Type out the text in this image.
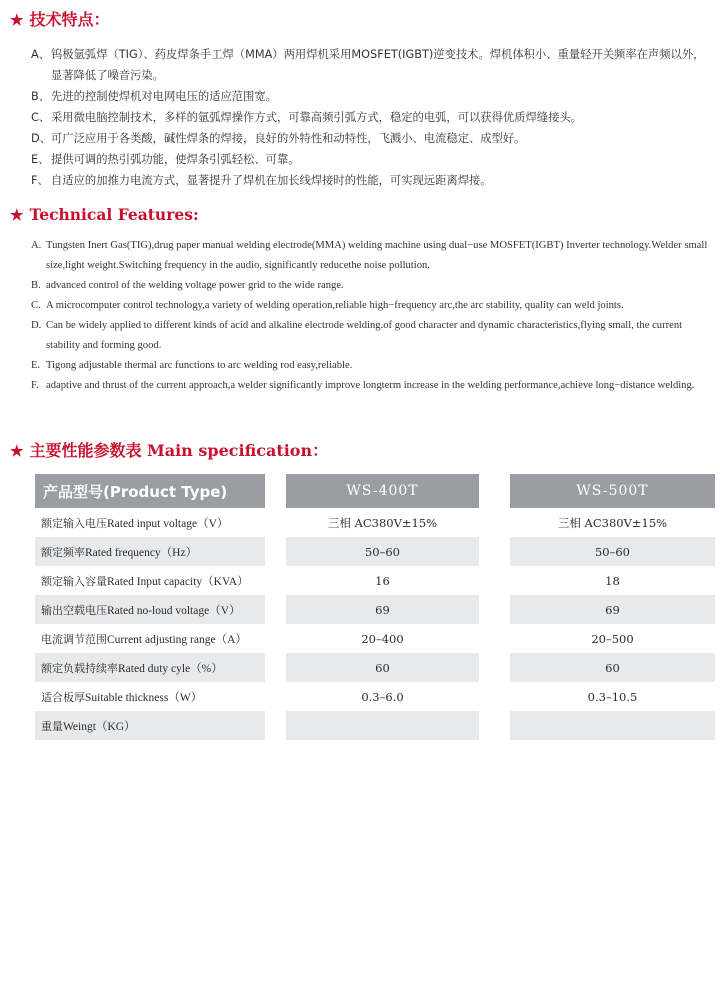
★ 技术特点：
A、 钨极氩弧焊（TIG）、药皮焊条手工焊（MMA）两用焊机采用MOSFET(IGBT)逆变技术。焊机体积小、重量轻开关频率在声频以外，显著降低了噪音污染。
B、 先进的控制使焊机对电网电压的适应范围宽。
C、 采用微电脑控制技术，多样的氩弧焊操作方式，可靠高频引弧方式，稳定的电弧，可以获得优质焊缝接头。
D、 可广泛应用于各类酸，碱性焊条的焊接，良好的外特性和动特性，飞溅小、电流稳定、成型好。
E、 提供可调的热引弧功能，使焊条引弧轻松、可靠。
F、 自适应的加推力电流方式，显著提升了焊机在加长线焊接时的性能，可实现远距离焊接。
★ Technical Features:
A. Tungsten Inert Gas(TIG),drug paper manual welding electrode(MMA) welding machine using dual−use MOSFET(IGBT) Inverter technology.Welder small size,light weight.Switching frequency in the audio, significantly reducethe noise pollution.
B. advanced control of the welding voltage power grid to the wide range.
C. A microcomputer control technology,a variety of welding operation,reliable high−frequency arc,the arc stability, quality can weld joints.
D. Can be widely applied to different kinds of acid and alkaline electrode welding.of good character and dynamic characteristics,flying small, the current stability and forming good.
E. Tigong adjustable thermal arc functions to arc welding rod easy,reliable.
F. adaptive and thrust of the current approach,a welder significantly improve longterm increase in the welding performance,achieve long−distance welding.
★ 主要性能参数表 Main specification：
产品型号(Product Type)	WS-400T	WS-500T
额定输入电压 Rated input voltage（V）	三相 AC380V±15%	三相 AC380V±15%
额定频率 Rated frequency（Hz）	50–60	50–60
额定输入容量 Rated Input capacity（KVA）	16	18
输出空载电压 Rated no-loud voltage（V）	69	69
电流调节范围 Current adjusting range（A）	20–400	20–500
额定负载持续率 Rated duty cyle（%）	60	60
适合板厚 Suitable thickness（W）	0.3–6.0	0.3–10.5
重量 Weingt（KG）
